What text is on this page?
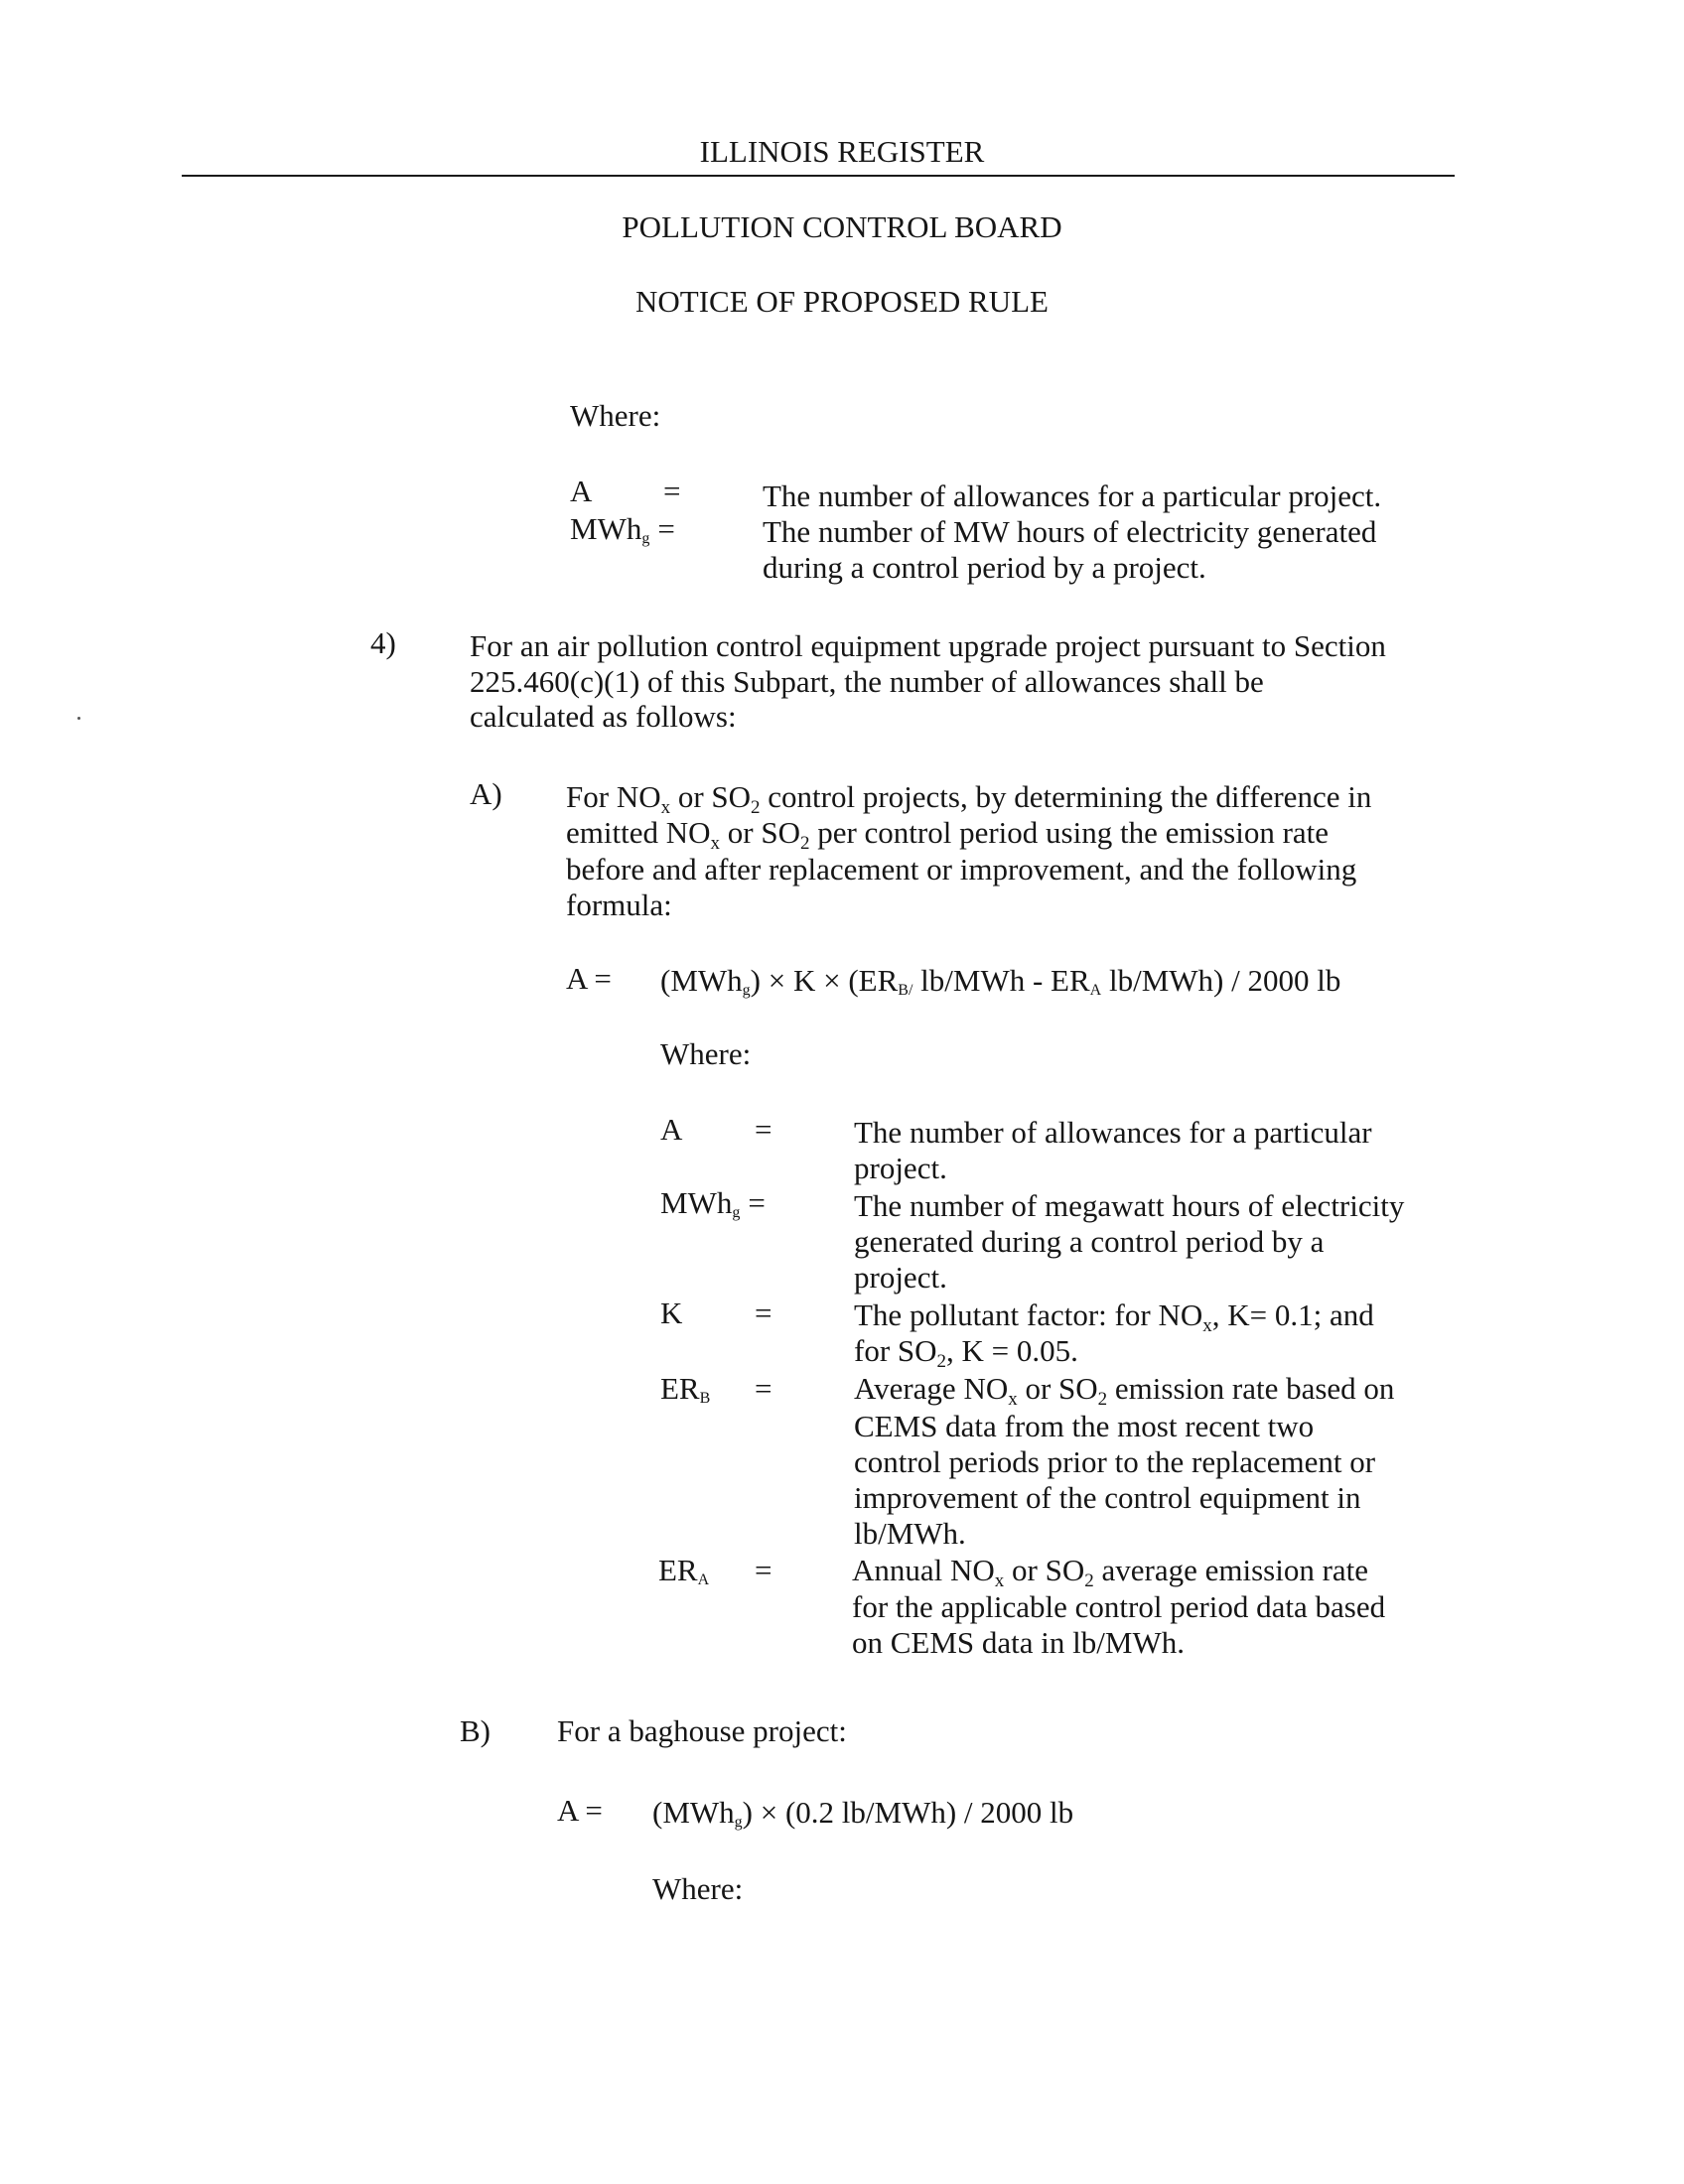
ILLINOIS REGISTER
POLLUTION CONTROL BOARD
NOTICE OF PROPOSED RULE
Where:
A =	The number of allowances for a particular project.
MWhg =	The number of MW hours of electricity generated
during a control period by a project.
4) For an air pollution control equipment upgrade project pursuant to Section
225.460(c)(1) of this Subpart, the number of allowances shall be
calculated as follows:
A) For $NO_x$ or $SO_2$ control projects, by determining the difference in
emitted $NO_x$ or $SO_2$ per control period using the emission rate
before and after replacement or improvement, and the following
formula:
A = (MWhg) × K × (ERB/ lb/MWh - ERA lb/MWh) / 2000 lb
Where:
A =	The number of allowances for a particular
project.
MWhg =	The number of megawatt hours of electricity
generated during a control period by a
project.
K =	The pollutant factor: for $NO_x$, K= 0.1; and
for $SO_2$, K = 0.05.
ERB =	Average $NO_x$ or $SO_2$ emission rate based on
CEMS data from the most recent two
control periods prior to the replacement or
improvement of the control equipment in
lb/MWh.
ERA =	Annual $NO_x$ or $SO_2$ average emission rate
for the applicable control period data based
on CEMS data in lb/MWh.
B) For a baghouse project:
A = (MWhg) × (0.2 lb/MWh) / 2000 lb
Where:
